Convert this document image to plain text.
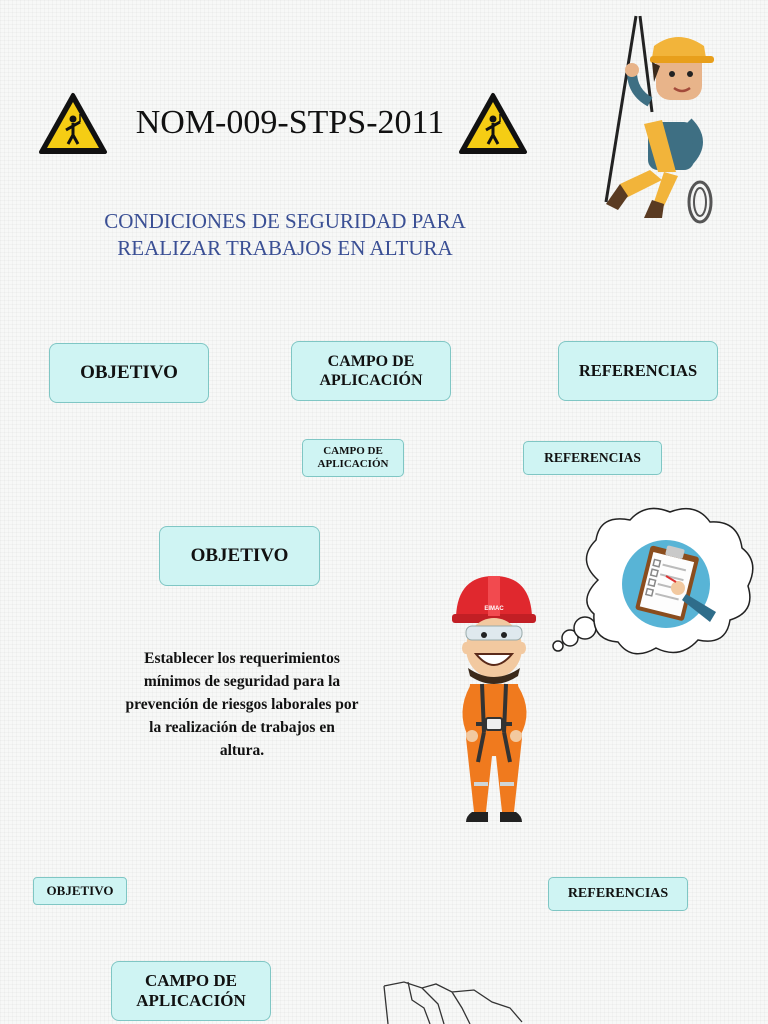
NOM-009-STPS-2011
CONDICIONES DE SEGURIDAD PARA
REALIZAR TRABAJOS EN ALTURA
OBJETIVO
CAMPO DE
APLICACIÓN
REFERENCIAS
CAMPO DE
APLICACIÓN	REFERENCIAS
OBJETIVO
Establecer los requerimientos
mínimos de seguridad para la
prevención de riesgos laborales por
la realización de trabajos en
altura.
EIMAC
OBJETIVO	REFERENCIAS
CAMPO DE
APLICACIÓN
